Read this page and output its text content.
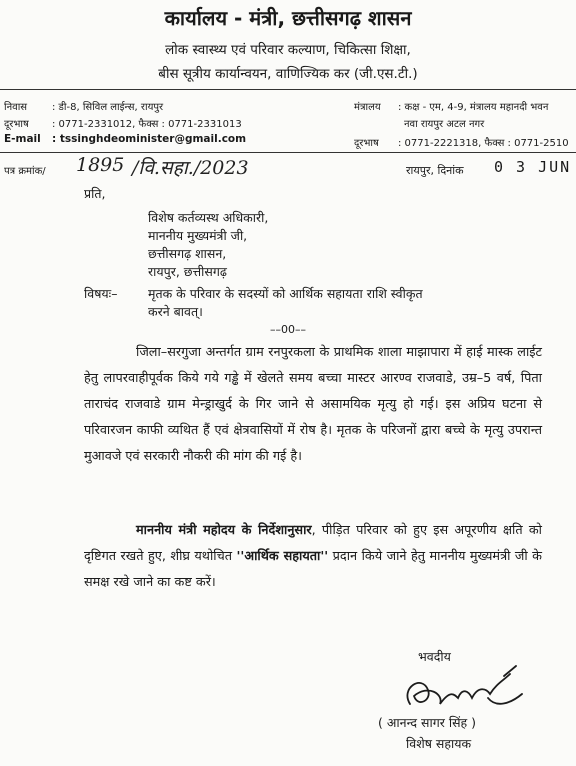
कार्यालय - मंत्री, छत्तीसगढ़ शासन
लोक स्वास्थ्य एवं परिवार कल्याण, चिकित्सा शिक्षा,
बीस सूत्रीय कार्यान्वयन, वाणिज्यिक कर (जी.एस.टी.)
निवास : डी-8, सिविल लाईन्स, रायपुर
दूरभाष : 0771-2331012, फैक्स : 0771-2331013
E-mail : tssinghdeominister@gmail.com
मंत्रालय : कक्ष - एम, 4-9, मंत्रालय महानदी भवन
नवा रायपुर अटल नगर
दूरभाष : 0771-2221318, फैक्स : 0771-2510
पत्र क्रमांक/ 1895 /वि.सहा./2023	रायपुर, दिनांक 0 3 JUN
प्रति,
विशेष कर्तव्यस्थ अधिकारी,
माननीय मुख्यमंत्री जी,
छत्तीसगढ़ शासन,
रायपुर, छत्तीसगढ़
विषयः– मृतक के परिवार के सदस्यों को आर्थिक सहायता राशि स्वीकृत
करने बावत्।
––00––
जिला–सरगुजा अन्तर्गत ग्राम रनपुरकला के प्राथमिक शाला माझापारा में हाई मास्क लाईट हेतु लापरवाहीपूर्वक किये गये गड्ढे में खेलते समय बच्चा मास्टर आरण्व राजवाडे, उम्र–5 वर्ष, पिता ताराचंद राजवाडे ग्राम मेन्ड्राखुर्द के गिर जाने से असामयिक मृत्यु हो गई। इस अप्रिय घटना से परिवारजन काफी व्यथित हैं एवं क्षेत्रवासियों में रोष है। मृतक के परिजनों द्वारा बच्चे के मृत्यु उपरान्त मुआवजे एवं सरकारी नौकरी की मांग की गई है।
माननीय मंत्री महोदय के निर्देशानुसार, पीड़ित परिवार को हुए इस अपूरणीय क्षति को दृष्टिगत रखते हुए, शीघ्र यथोचित ''आर्थिक सहायता'' प्रदान किये जाने हेतु माननीय मुख्यमंत्री जी के समक्ष रखे जाने का कष्ट करें।
भवदीय
( आनन्द सागर सिंह )
विशेष सहायक
